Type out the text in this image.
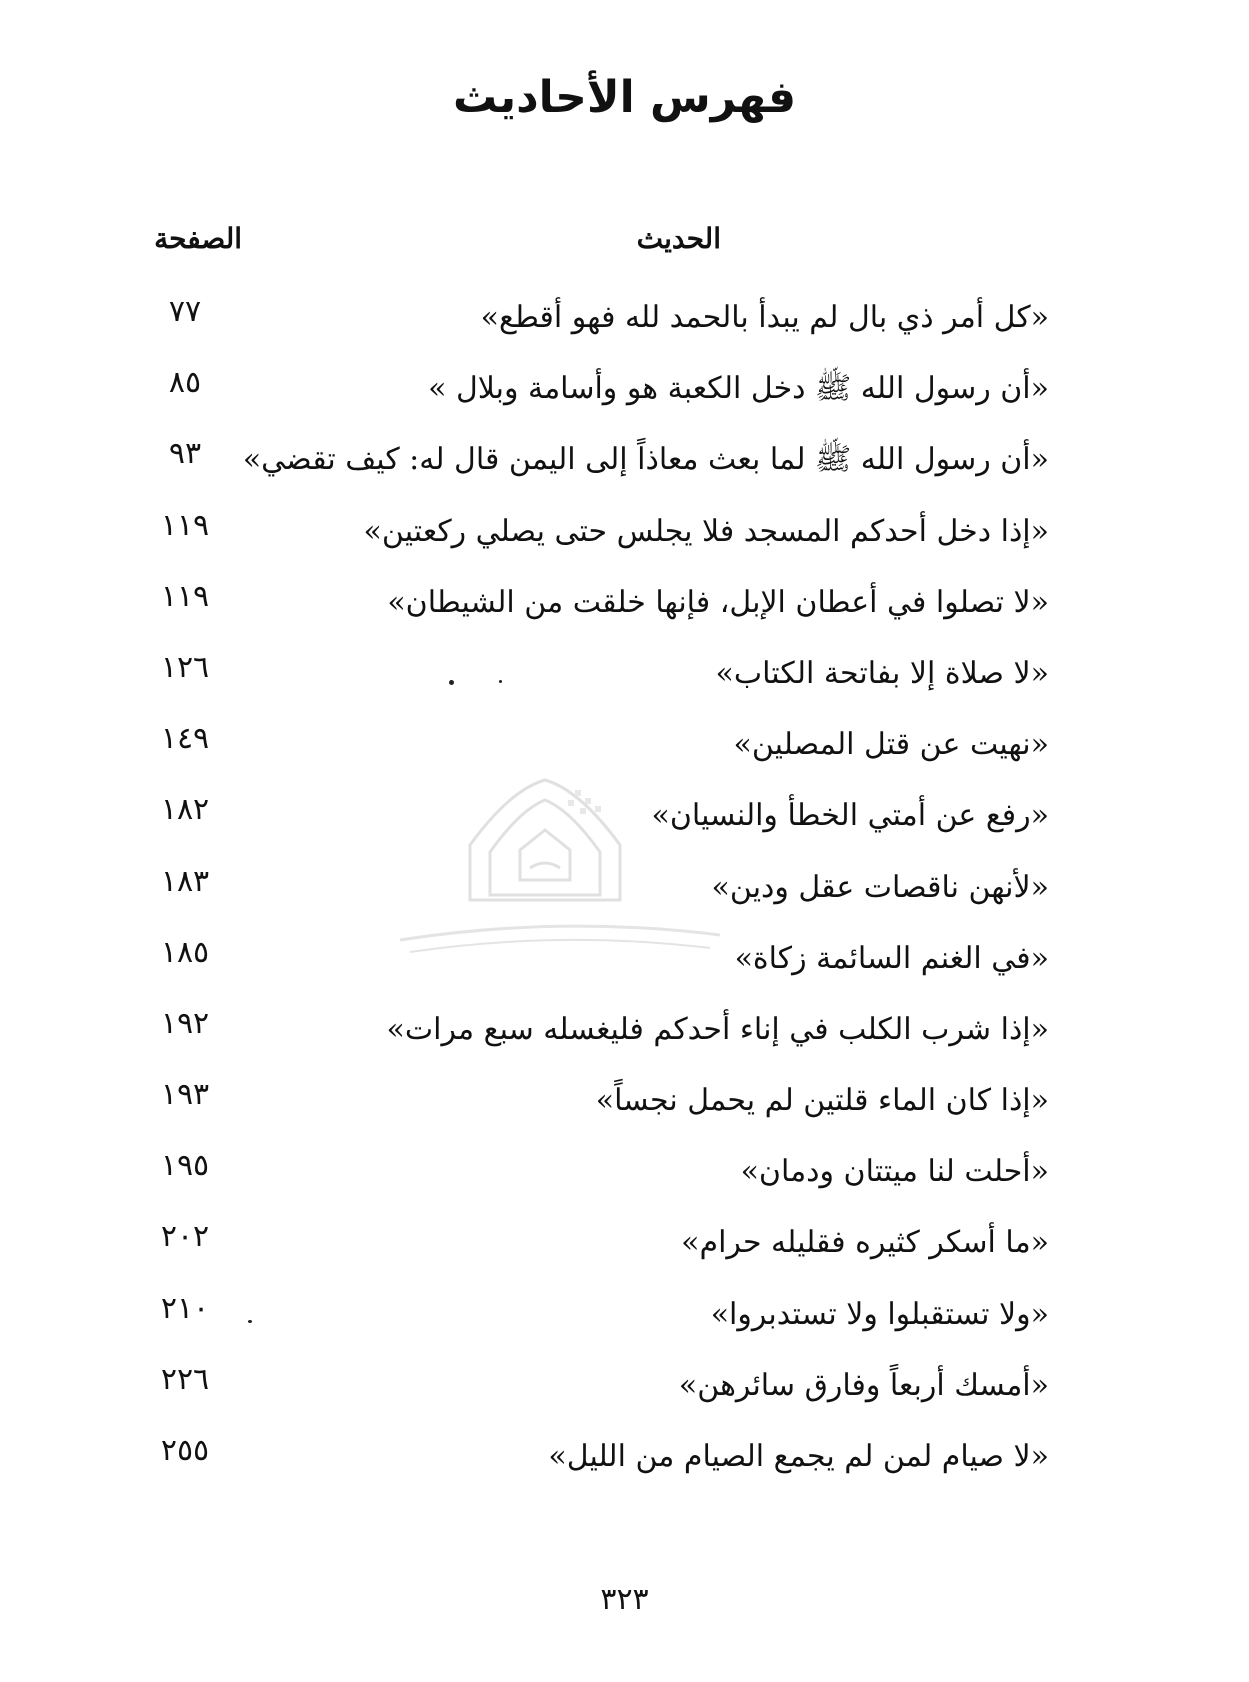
فهرس الأحاديث
الحديث
الصفحة
«كل أمر ذي بال لم يبدأ بالحمد لله فهو أقطع»
٧٧
«أن رسول الله ﷺ دخل الكعبة هو وأسامة وبلال »
٨٥
«أن رسول الله ﷺ لما بعث معاذاً إلى اليمن قال له: كيف تقضي»
٩٣
«إذا دخل أحدكم المسجد فلا يجلس حتى يصلي ركعتين»
١١٩
«لا تصلوا في أعطان الإبل، فإنها خلقت من الشيطان»
١١٩
«لا صلاة إلا بفاتحة الكتاب»
١٢٦
«نهيت عن قتل المصلين»
١٤٩
«رفع عن أمتي الخطأ والنسيان»
١٨٢
«لأنهن ناقصات عقل ودين»
١٨٣
«في الغنم السائمة زكاة»
١٨٥
«إذا شرب الكلب في إناء أحدكم فليغسله سبع مرات»
١٩٢
«إذا كان الماء قلتين لم يحمل نجساً»
١٩٣
«أحلت لنا ميتتان ودمان»
١٩٥
«ما أسكر كثيره فقليله حرام»
٢٠٢
«ولا تستقبلوا ولا تستدبروا»
٢١٠
«أمسك أربعاً وفارق سائرهن»
٢٢٦
«لا صيام لمن لم يجمع الصيام من الليل»
٢٥٥
٣٢٣
